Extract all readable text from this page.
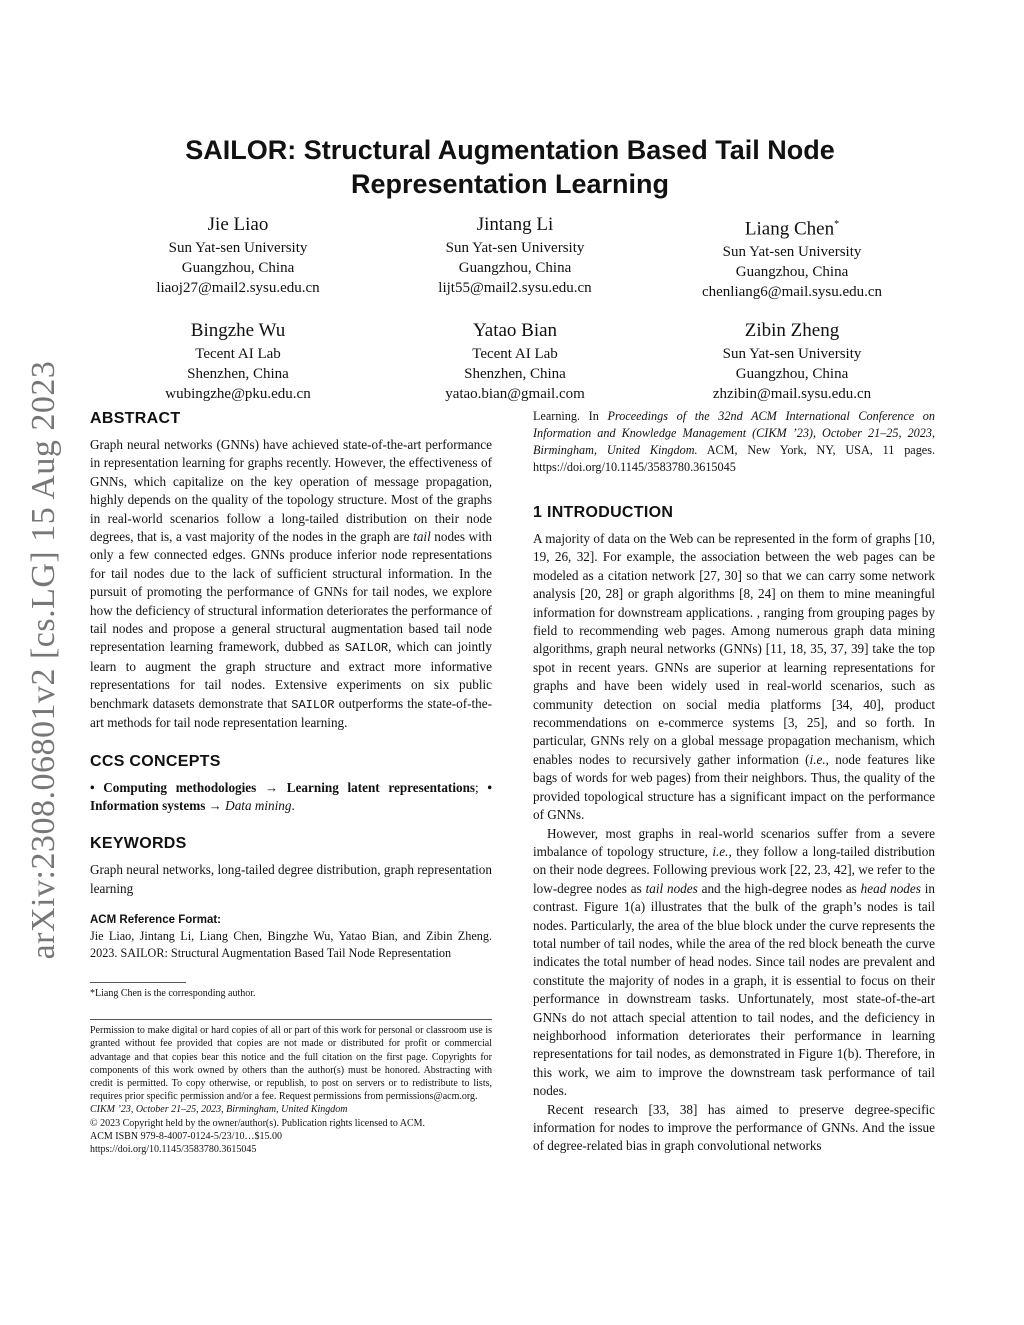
arXiv:2308.06801v2 [cs.LG] 15 Aug 2023
SAILOR: Structural Augmentation Based Tail Node Representation Learning
Jie Liao
Sun Yat-sen University
Guangzhou, China
liaoj27@mail2.sysu.edu.cn
Jintang Li
Sun Yat-sen University
Guangzhou, China
lijt55@mail2.sysu.edu.cn
Liang Chen*
Sun Yat-sen University
Guangzhou, China
chenliang6@mail.sysu.edu.cn
Bingzhe Wu
Tecent AI Lab
Shenzhen, China
wubingzhe@pku.edu.cn
Yatao Bian
Tecent AI Lab
Shenzhen, China
yatao.bian@gmail.com
Zibin Zheng
Sun Yat-sen University
Guangzhou, China
zhzibin@mail.sysu.edu.cn
ABSTRACT

Graph neural networks (GNNs) have achieved state-of-the-art performance in representation learning for graphs recently. However, the effectiveness of GNNs, which capitalize on the key operation of message propagation, highly depends on the quality of the topology structure. Most of the graphs in real-world scenarios follow a long-tailed distribution on their node degrees, that is, a vast majority of the nodes in the graph are tail nodes with only a few connected edges. GNNs produce inferior node representations for tail nodes due to the lack of sufficient structural information. In the pursuit of promoting the performance of GNNs for tail nodes, we explore how the deficiency of structural information deteriorates the performance of tail nodes and propose a general structural augmentation based tail node representation learning framework, dubbed as SAILOR, which can jointly learn to augment the graph structure and extract more informative representations for tail nodes. Extensive experiments on six public benchmark datasets demonstrate that SAILOR outperforms the state-of-the-art methods for tail node representation learning.

CCS CONCEPTS

• Computing methodologies → Learning latent representations; • Information systems → Data mining.

KEYWORDS

Graph neural networks, long-tailed degree distribution, graph representation learning

ACM Reference Format:

Jie Liao, Jintang Li, Liang Chen, Bingzhe Wu, Yatao Bian, and Zibin Zheng. 2023. SAILOR: Structural Augmentation Based Tail Node Representation

*Liang Chen is the corresponding author.

Permission to make digital or hard copies of all or part of this work for personal or classroom use is granted without fee provided that copies are not made or distributed for profit or commercial advantage and that copies bear this notice and the full citation on the first page. Copyrights for components of this work owned by others than the author(s) must be honored. Abstracting with credit is permitted. To copy otherwise, or republish, to post on servers or to redistribute to lists, requires prior specific permission and/or a fee. Request permissions from permissions@acm.org.

CIKM ’23, October 21–25, 2023, Birmingham, United Kingdom
© 2023 Copyright held by the owner/author(s). Publication rights licensed to ACM.
ACM ISBN 979-8-4007-0124-5/23/10…$15.00
https://doi.org/10.1145/3583780.3615045

Learning. In Proceedings of the 32nd ACM International Conference on Information and Knowledge Management (CIKM ’23), October 21–25, 2023, Birmingham, United Kingdom. ACM, New York, NY, USA, 11 pages. https://doi.org/10.1145/3583780.3615045

1 INTRODUCTION

A majority of data on the Web can be represented in the form of graphs [10, 19, 26, 32]. For example, the association between the web pages can be modeled as a citation network [27, 30] so that we can carry some network analysis [20, 28] or graph algorithms [8, 24] on them to mine meaningful information for downstream applications. , ranging from grouping pages by field to recommending web pages. Among numerous graph data mining algorithms, graph neural networks (GNNs) [11, 18, 35, 37, 39] take the top spot in recent years. GNNs are superior at learning representations for graphs and have been widely used in real-world scenarios, such as community detection on social media platforms [34, 40], product recommendations on e-commerce systems [3, 25], and so forth. In particular, GNNs rely on a global message propagation mechanism, which enables nodes to recursively gather information (i.e., node features like bags of words for web pages) from their neighbors. Thus, the quality of the provided topological structure has a significant impact on the performance of GNNs.

However, most graphs in real-world scenarios suffer from a severe imbalance of topology structure, i.e., they follow a long-tailed distribution on their node degrees. Following previous work [22, 23, 42], we refer to the low-degree nodes as tail nodes and the high-degree nodes as head nodes in contrast. Figure 1(a) illustrates that the bulk of the graph’s nodes is tail nodes. Particularly, the area of the blue block under the curve represents the total number of tail nodes, while the area of the red block beneath the curve indicates the total number of head nodes. Since tail nodes are prevalent and constitute the majority of nodes in a graph, it is essential to focus on their performance in downstream tasks. Unfortunately, most state-of-the-art GNNs do not attach special attention to tail nodes, and the deficiency in neighborhood information deteriorates their performance in learning representations for tail nodes, as demonstrated in Figure 1(b). Therefore, in this work, we aim to improve the downstream task performance of tail nodes.

Recent research [33, 38] has aimed to preserve degree-specific information for nodes to improve the performance of GNNs. And the issue of degree-related bias in graph convolutional networks
